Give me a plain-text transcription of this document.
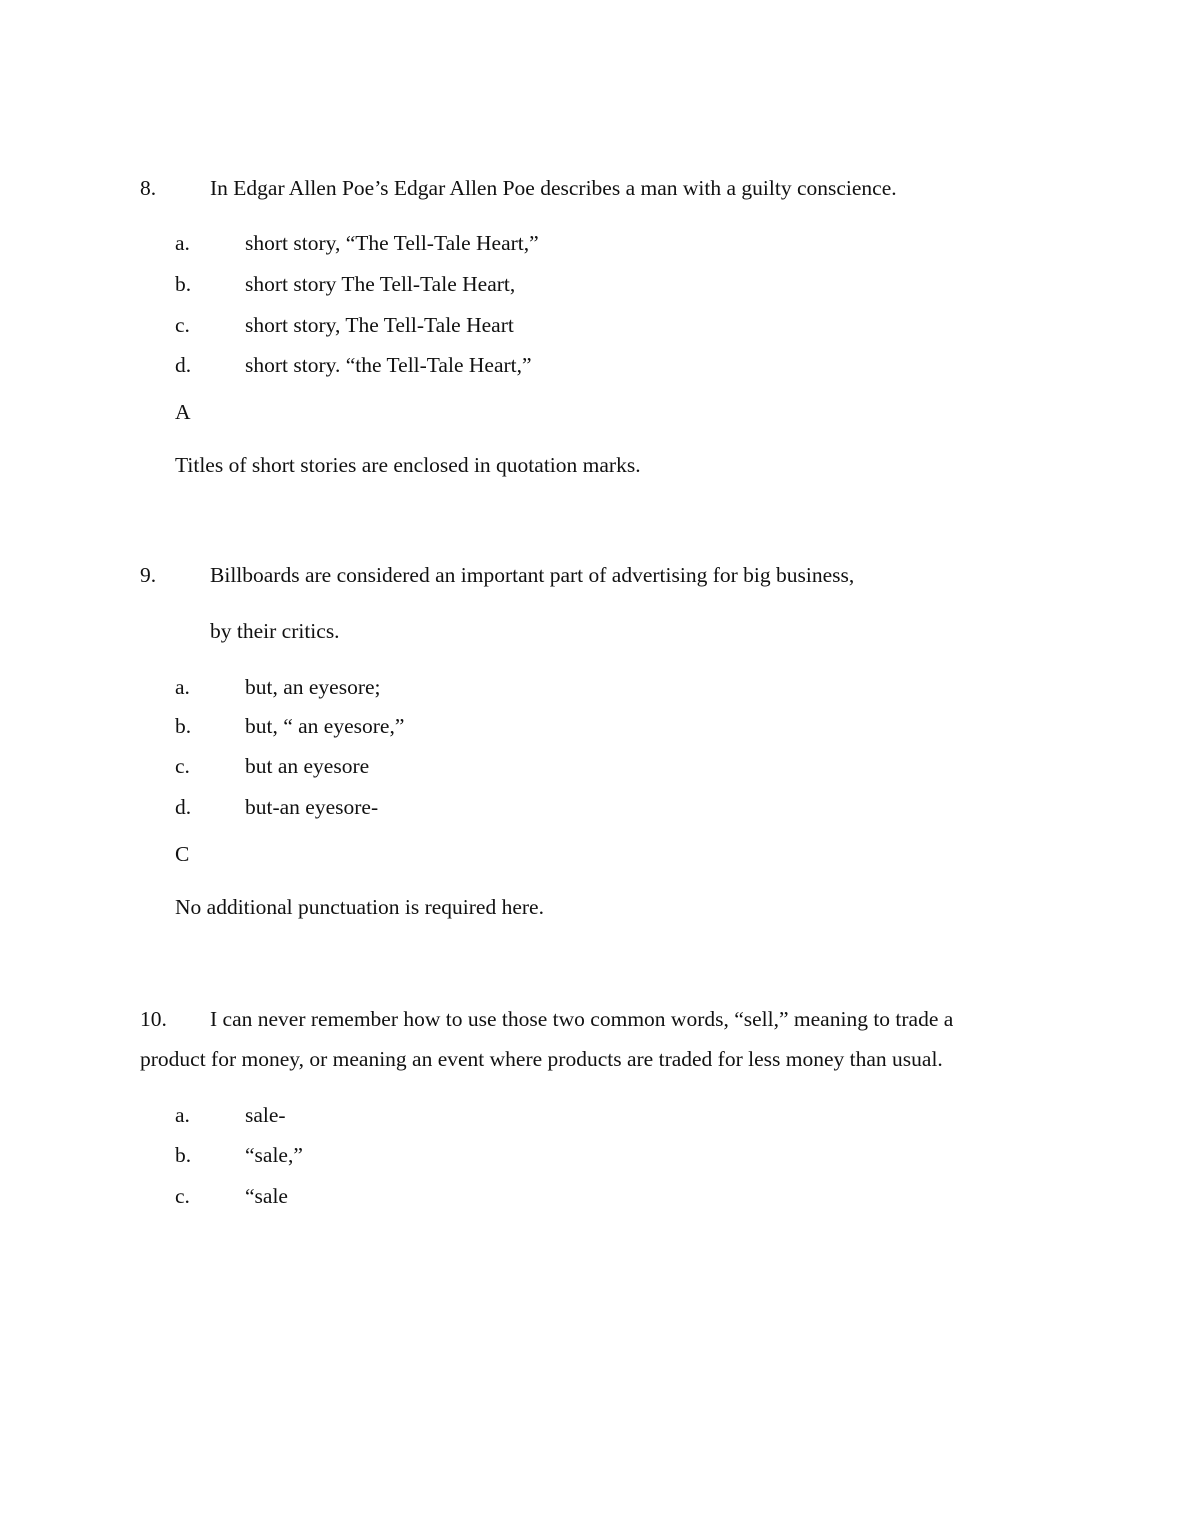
8.	In Edgar Allen Poe’s Edgar Allen Poe describes a man with a guilty conscience.
a.	short story, “The Tell-Tale Heart,”
b.	short story The Tell-Tale Heart,
c.	short story, The Tell-Tale Heart
d.	short story. “the Tell-Tale Heart,”
A
Titles of short stories are enclosed in quotation marks.
9.	Billboards are considered an important part of advertising for big business,
by their critics.
a.	but, an eyesore;
b.	but, “ an eyesore,”
c.	but an eyesore
d.	but-an eyesore-
C
No additional punctuation is required here.
10. I can never remember how to use those two common words, “sell,” meaning to trade a
product for money, or meaning an event where products are traded for less money than usual.
a.	sale-
b.	“sale,”
c.	“sale
